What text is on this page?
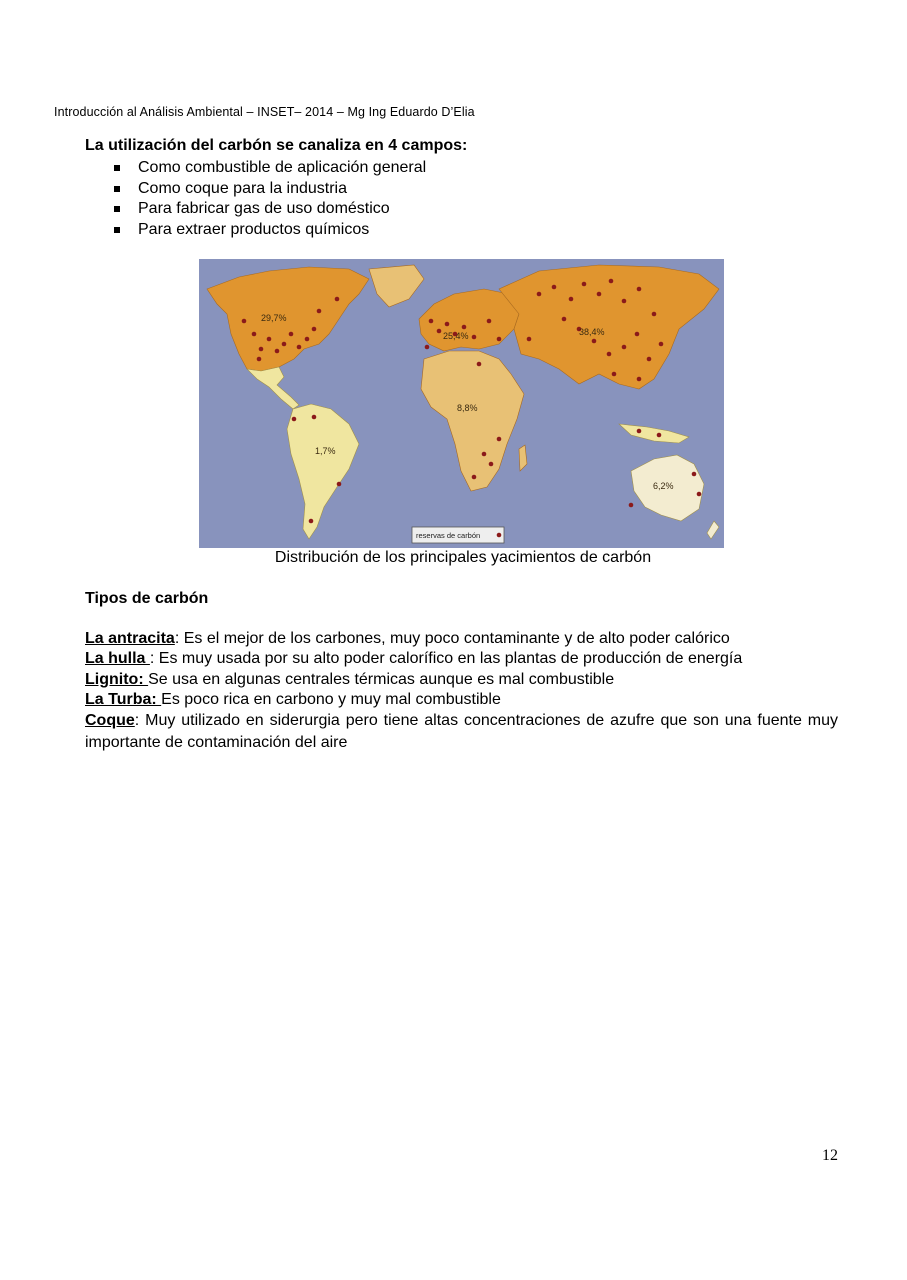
Introducción al Análisis Ambiental – INSET– 2014 – Mg Ing Eduardo D’Elia
La utilización del carbón se canaliza en 4 campos:
Como combustible de aplicación general
Como coque para la industria
Para fabricar gas de uso doméstico
Para extraer productos químicos
29,7%
25,4%	38,4%
8,8%
1,7%
6,2%
reservas de carbón
Distribución de los principales yacimientos de carbón
Tipos de carbón

La antracita: Es el mejor de los carbones, muy poco contaminante y de alto poder calórico

La hulla : Es muy usada por su alto poder calorífico en las plantas de producción de energía

Lignito: Se usa en algunas centrales térmicas aunque es mal combustible

La Turba: Es poco rica en carbono y muy mal combustible

Coque: Muy utilizado en siderurgia pero tiene altas concentraciones de azufre que son una fuente muy importante de contaminación del aire

12
